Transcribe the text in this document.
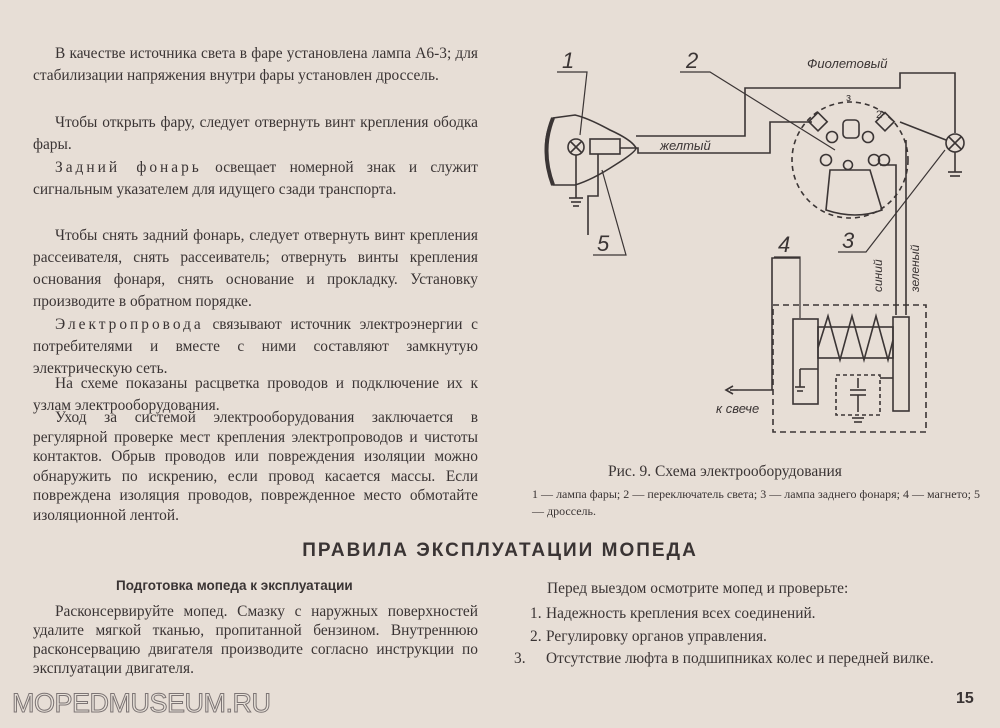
В качестве источника света в фаре установлена лампа А6-3; для стабилизации напряжения внутри фары установлен дроссель.

Чтобы открыть фару, следует отвернуть винт крепления ободка фары.

Задний фонарь освещает номерной знак и служит сигнальным указателем для идущего сзади транспорта.

Чтобы снять задний фонарь, следует отвернуть винт крепления рассеивателя, снять рассеиватель; отвернуть винты крепления основания фонаря, снять основание и прокладку. Установку производите в обратном порядке.

Электропровода связывают источник электроэнергии с потребителями и вместе с ними составляют замкнутую электрическую сеть.

На схеме показаны расцветка проводов и подключение их к узлам электрооборудования.

Уход за системой электрооборудования заключается в регулярной проверке мест крепления электропроводов и чистоты контактов. Обрыв проводов или повреждения изоляции можно обнаружить по искрению, если провод касается массы. Если повреждена изоляция проводов, поврежденное место обмотайте изоляционной лентой.

1	2
3
4
5
Фиолетовый
желтый
синий зеленый
к свече
з
2
Рис. 9. Схема электрооборудования
1 — лампа фары; 2 — переключатель света; 3 — лампа заднего фонаря; 4 — магнето; 5 — дроссель.
ПРАВИЛА ЭКСПЛУАТАЦИИ МОПЕДА
Подготовка мопеда к эксплуатации

Расконсервируйте мопед. Смазку с наружных поверхностей удалите мягкой тканью, пропитанной бензином. Внутреннюю расконсервацию двигателя производите согласно инструкции по эксплуатации двигателя.

Перед выездом осмотрите мопед и проверьте:
1. Надежность крепления всех соединений.
2. Регулировку органов управления.
3. Отсутствие люфта в подшипниках колес и передней вилке.
MOPEDMUSEUM.RU	15
